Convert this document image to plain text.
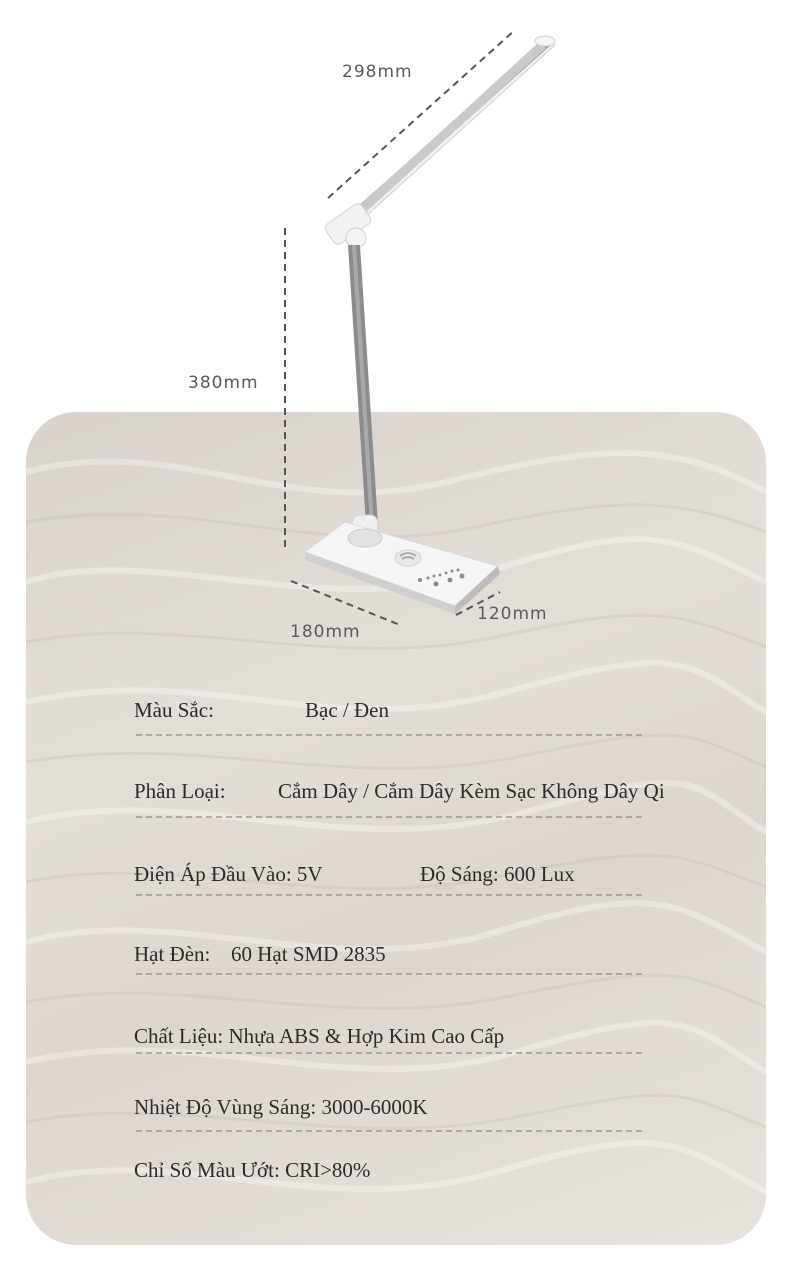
298mm
380mm
180mm
120mm
Màu Sắc:	Bạc / Đen
Phân Loại: Cắm Dây / Cắm Dây Kèm Sạc Không Dây Qi
Điện Áp Đầu Vào: 5V	Độ Sáng: 600 Lux
Hạt Đèn: 60 Hạt SMD 2835
Chất Liệu: Nhựa ABS & Hợp Kim Cao Cấp
Nhiệt Độ Vùng Sáng: 3000-6000K
Chỉ Số Màu Ướt: CRI>80%
